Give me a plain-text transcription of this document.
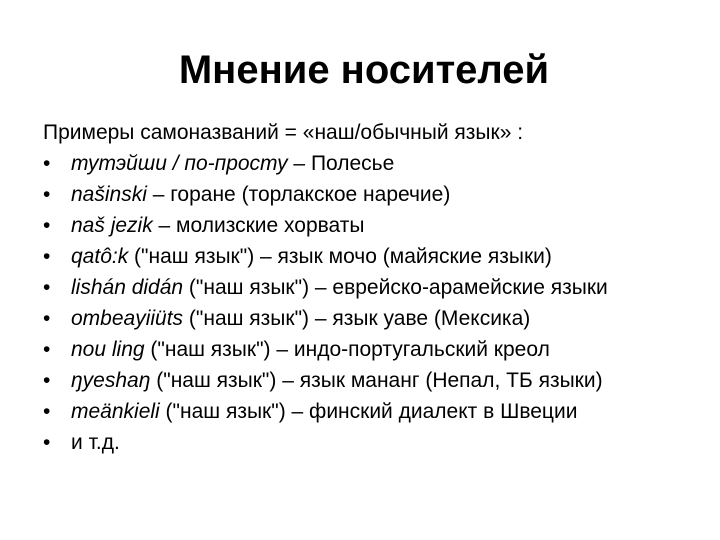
Мнение носителей
Примеры самоназваний = «наш/обычный язык» :
• тутэйши / по-просту – Полесье
• našinski – горане (торлакское наречие)
• naš jezik – молизские хорваты
• qatô:k ("наш язык") – язык мочо (майяские языки)
• lishán didán ("наш язык") – еврейско-арамейские языки
• ombeayiiüts ("наш язык") – язык уаве (Мексика)
• nou ling ("наш язык") – индо-португальский креол
• ŋyeshaŋ ("наш язык") – язык мананг (Непал, ТБ языки)
• meänkieli ("наш язык") – финский диалект в Швеции
• и т.д.
